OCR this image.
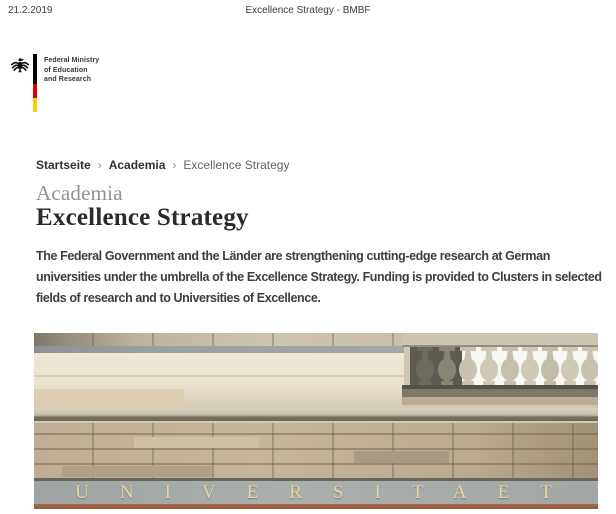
21.2.2019	Excellence Strategy - BMBF
Federal Ministry
of Education
and Research
Startseite › Academia › Excellence Strategy
Academia
Excellence Strategy

The Federal Government and the Länder are strengthening cutting-edge research at German universities under the umbrella of the Excellence Strategy. Funding is provided to Clusters in selected fields of research and to Universities of Excellence.

UNIVERSITAET
